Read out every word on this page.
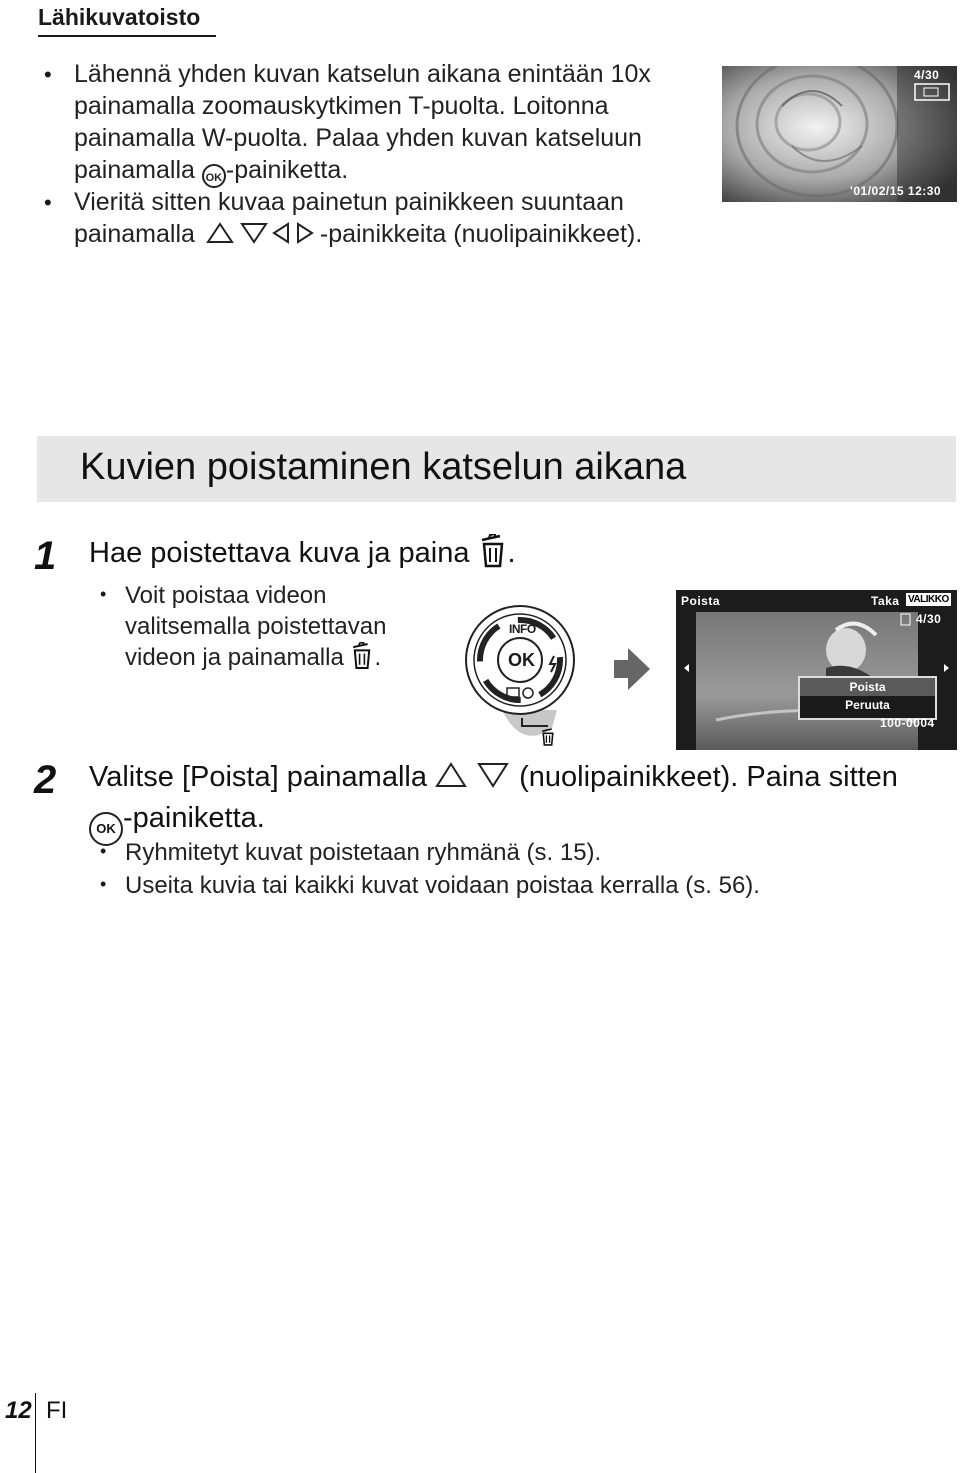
Lähikuvatoisto
• Lähennä yhden kuvan katselun aikana enintään 10x
painamalla zoomauskytkimen T-puolta. Loitonna
painamalla W-puolta. Palaa yhden kuvan katseluun
painamalla OK -painiketta.
• Vieritä sitten kuvaa painetun painikkeen suuntaan
painamalla	-painikkeita (nuolipainikkeet).
4/30
'01/02/15 12:30
Kuvien poistaminen katselun aikana
1 Hae poistettava kuva ja paina .
• Voit poistaa videon
valitsemalla poistettavan
videon ja painamalla .
INFO
OK
Poista	Taka VALIKKO
4/30
Poista
Peruuta
100-0004
2 Valitse [Poista] painamalla	(nuolipainikkeet). Paina sitten
OK -painiketta.
• Ryhmitetyt kuvat poistetaan ryhmänä (s. 15).
• Useita kuvia tai kaikki kuvat voidaan poistaa kerralla (s. 56).
12 FI
